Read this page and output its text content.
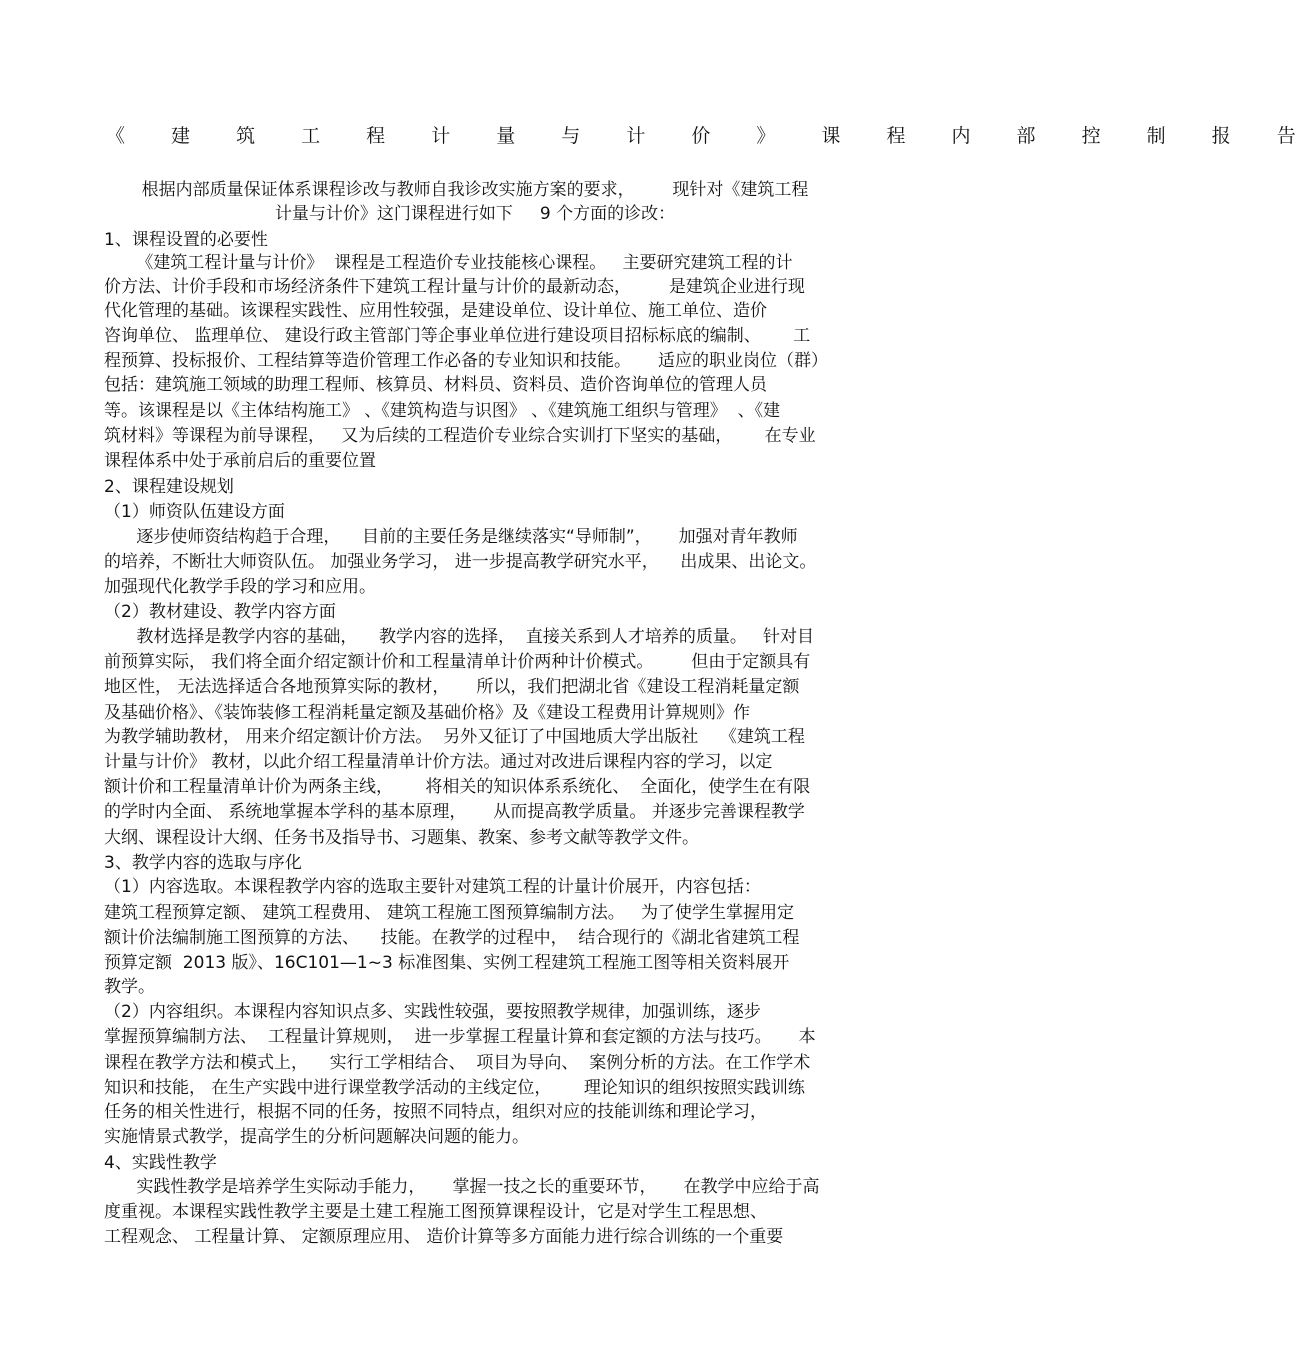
《 建 筑 工 程 计 量 与 计 价 》 课 程 内 部 控 制 报 告
根据内部质量保证体系课程诊改与教师自我诊改实施方案的要求，       现针对《建筑工程
计量与计价》这门课程进行如下     9 个方面的诊改：
1、课程设置的必要性
《建筑工程计量与计价》  课程是工程造价专业技能核心课程。   主要研究建筑工程的计
价方法、计价手段和市场经济条件下建筑工程计量与计价的最新动态，       是建筑企业进行现
代化管理的基础。该课程实践性、应用性较强，是建设单位、设计单位、施工单位、造价
咨询单位、 监理单位、 建设行政主管部门等企事业单位进行建设项目招标标底的编制、      工
程预算、投标报价、工程结算等造价管理工作必备的专业知识和技能。     适应的职业岗位（群）
包括：建筑施工领域的助理工程师、核算员、材料员、资料员、造价咨询单位的管理人员
等。该课程是以《主体结构施工》 、《建筑构造与识图》 、《建筑施工组织与管理》  、《建
筑材料》等课程为前导课程，   又为后续的工程造价专业综合实训打下坚实的基础，      在专业
课程体系中处于承前启后的重要位置
2、课程建设规划
（1）师资队伍建设方面
逐步使师资结构趋于合理，    目前的主要任务是继续落实“导师制”，     加强对青年教师
的培养，不断壮大师资队伍。 加强业务学习， 进一步提高教学研究水平，    出成果、出论文。
加强现代化教学手段的学习和应用。
（2）教材建设、教学内容方面
教材选择是教学内容的基础，    教学内容的选择，  直接关系到人才培养的质量。   针对目
前预算实际， 我们将全面介绍定额计价和工程量清单计价两种计价模式。       但由于定额具有
地区性， 无法选择适合各地预算实际的教材，     所以，我们把湖北省《建设工程消耗量定额
及基础价格》、《装饰装修工程消耗量定额及基础价格》及《建设工程费用计算规则》作
为教学辅助教材， 用来介绍定额计价方法。  另外又征订了中国地质大学出版社    《建筑工程
计量与计价》 教材，以此介绍工程量清单计价方法。通过对改进后课程内容的学习，以定
额计价和工程量清单计价为两条主线，      将相关的知识体系系统化、  全面化，使学生在有限
的学时内全面、 系统地掌握本学科的基本原理，     从而提高教学质量。 并逐步完善课程教学
大纲、课程设计大纲、任务书及指导书、习题集、教案、参考文献等教学文件。
3、教学内容的选取与序化
（1）内容选取。本课程教学内容的选取主要针对建筑工程的计量计价展开，内容包括：
建筑工程预算定额、 建筑工程费用、 建筑工程施工图预算编制方法。   为了使学生掌握用定
额计价法编制施工图预算的方法、    技能。在教学的过程中，  结合现行的《湖北省建筑工程
预算定额  2013 版》、16C101—1~3 标准图集、实例工程建筑工程施工图等相关资料展开
教学。
（2）内容组织。本课程内容知识点多、实践性较强，要按照教学规律，加强训练，逐步
掌握预算编制方法、  工程量计算规则，  进一步掌握工程量计算和套定额的方法与技巧。     本
课程在教学方法和模式上，    实行工学相结合、  项目为导向、  案例分析的方法。在工作学术
知识和技能， 在生产实践中进行课堂教学活动的主线定位，      理论知识的组织按照实践训练
任务的相关性进行，根据不同的任务，按照不同特点，组织对应的技能训练和理论学习，
实施情景式教学，提高学生的分析问题解决问题的能力。
4、实践性教学
实践性教学是培养学生实际动手能力，     掌握一技之长的重要环节，     在教学中应给于高
度重视。本课程实践性教学主要是土建工程施工图预算课程设计，它是对学生工程思想、
工程观念、 工程量计算、 定额原理应用、 造价计算等多方面能力进行综合训练的一个重要
